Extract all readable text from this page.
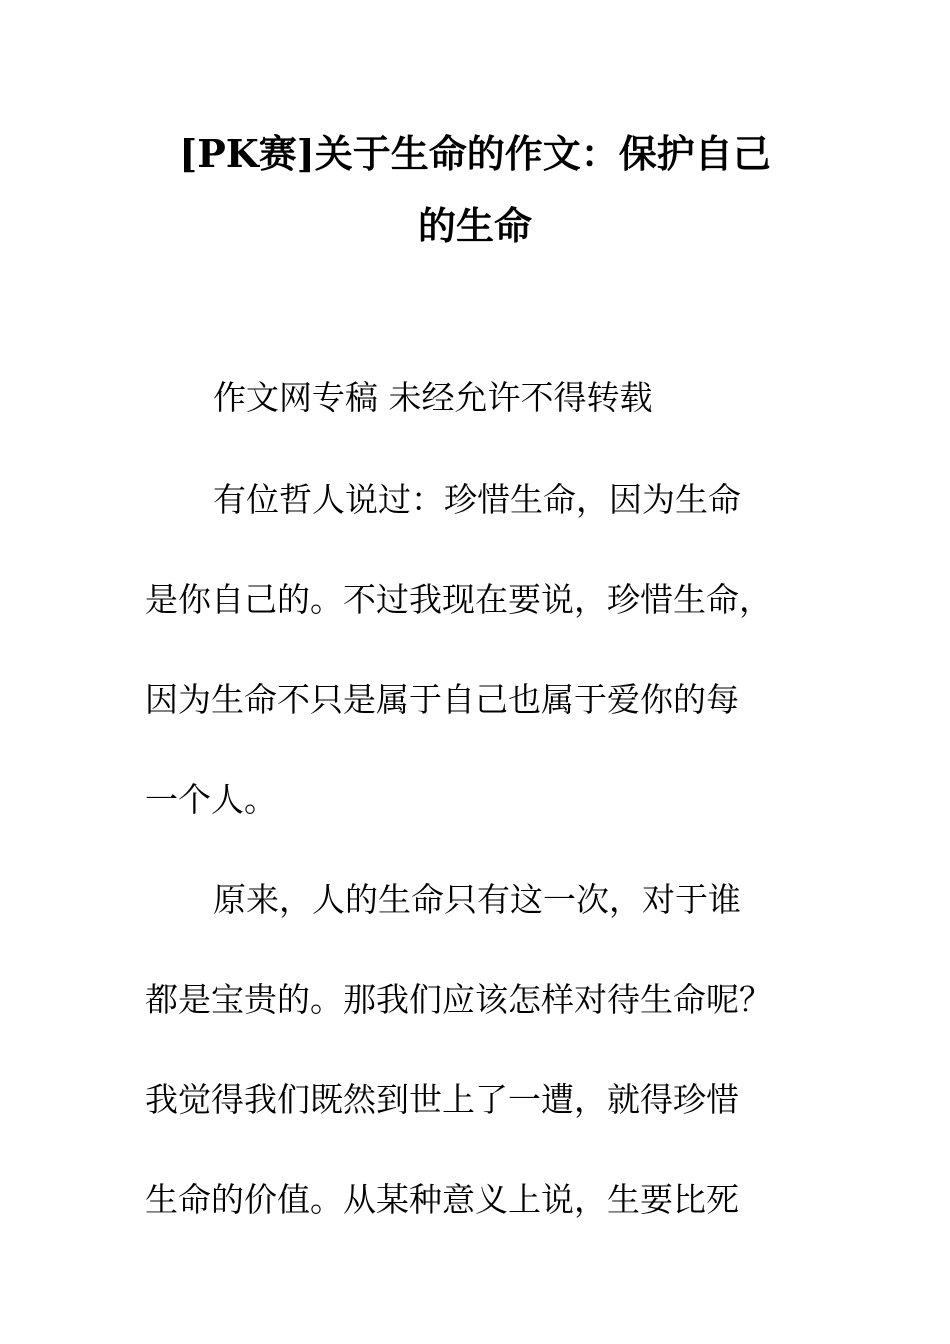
[PK赛]关于生命的作文：保护自己
的生命
作文网专稿 未经允许不得转载
有位哲人说过：珍惜生命，因为生命
是你自己的。不过我现在要说，珍惜生命，
因为生命不只是属于自己也属于爱你的每
一个人。
原来，人的生命只有这一次，对于谁
都是宝贵的。那我们应该怎样对待生命呢？
我觉得我们既然到世上了一遭，就得珍惜
生命的价值。从某种意义上说，生要比死
